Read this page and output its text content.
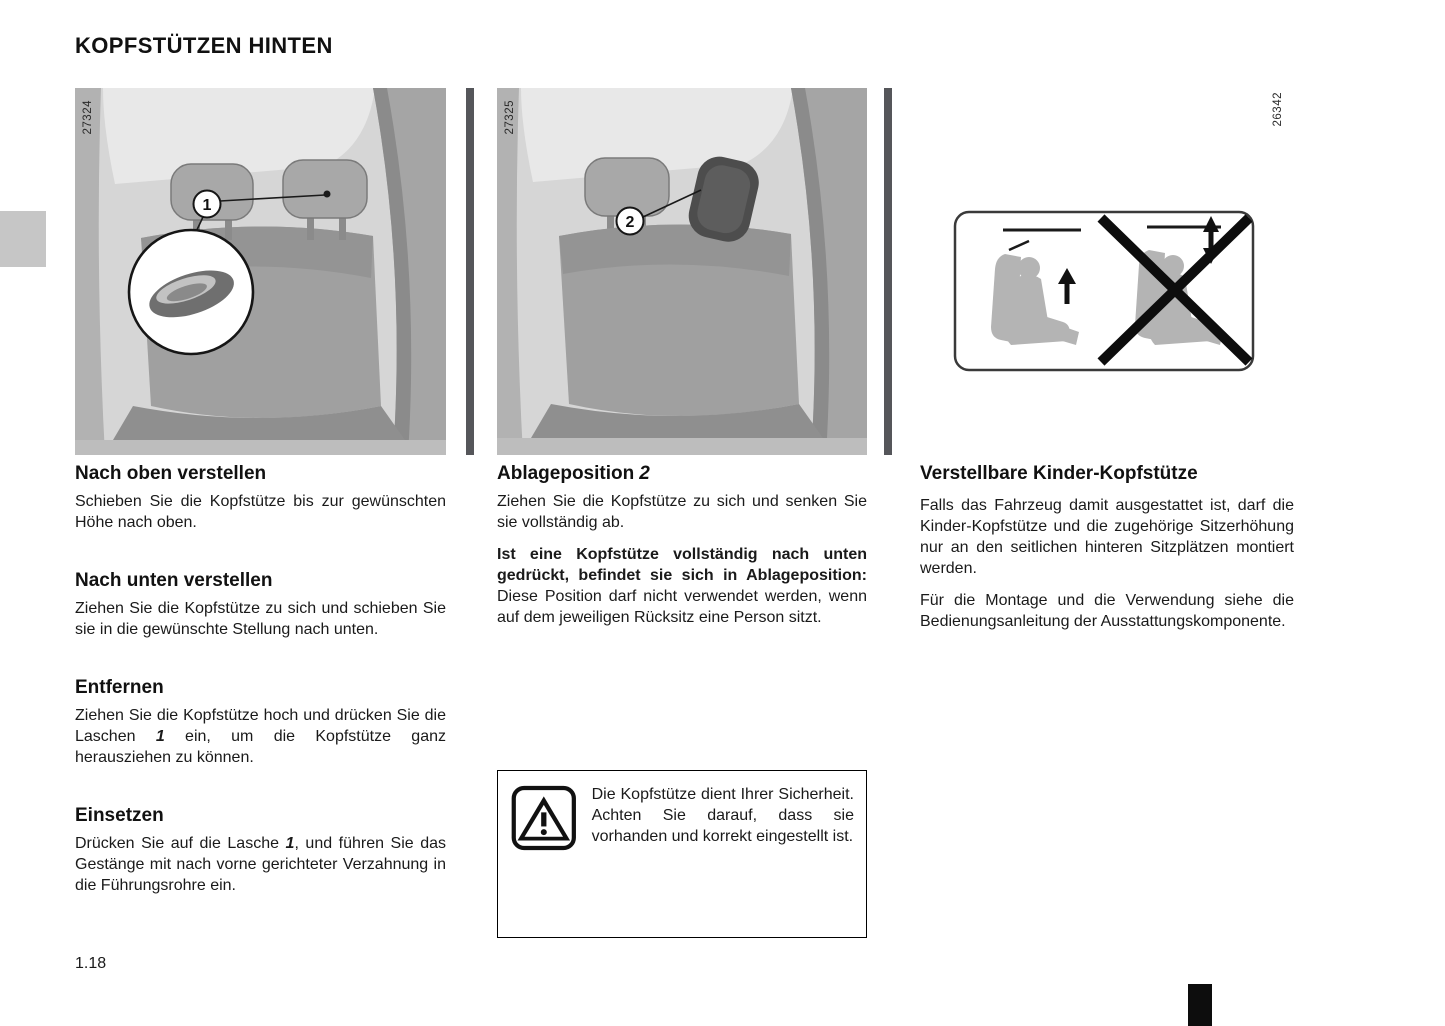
KOPFSTÜTZEN HINTEN
1
27324
2
27325	26342
Nach oben verstellen

Schieben Sie die Kopfstütze bis zur gewünschten Höhe nach oben.

Nach unten verstellen

Ziehen Sie die Kopfstütze zu sich und schieben Sie sie in die gewünschte Stellung nach unten.

Entfernen

Ziehen Sie die Kopfstütze hoch und drücken Sie die Laschen 1 ein, um die Kopfstütze ganz herausziehen zu können.

Einsetzen

Drücken Sie auf die Lasche 1, und führen Sie das Gestänge mit nach vorne gerichteter Verzahnung in die Führungsrohre ein.

Ablageposition 2

Ziehen Sie die Kopfstütze zu sich und senken Sie sie vollständig ab.

Ist eine Kopfstütze vollständig nach unten gedrückt, befindet sie sich in Ablageposition: Diese Position darf nicht verwendet werden, wenn auf dem jeweiligen Rücksitz eine Person sitzt.

Die Kopfstütze dient Ihrer Sicherheit. Achten Sie darauf, dass sie vorhanden und korrekt eingestellt ist.

Verstellbare Kinder-Kopfstütze

Falls das Fahrzeug damit ausgestattet ist, darf die Kinder-Kopfstütze und die zugehörige Sitzerhöhung nur an den seitlichen hinteren Sitzplätzen montiert werden.

Für die Montage und die Verwendung siehe die Bedienungsanleitung der Ausstattungskomponente.

1.18
